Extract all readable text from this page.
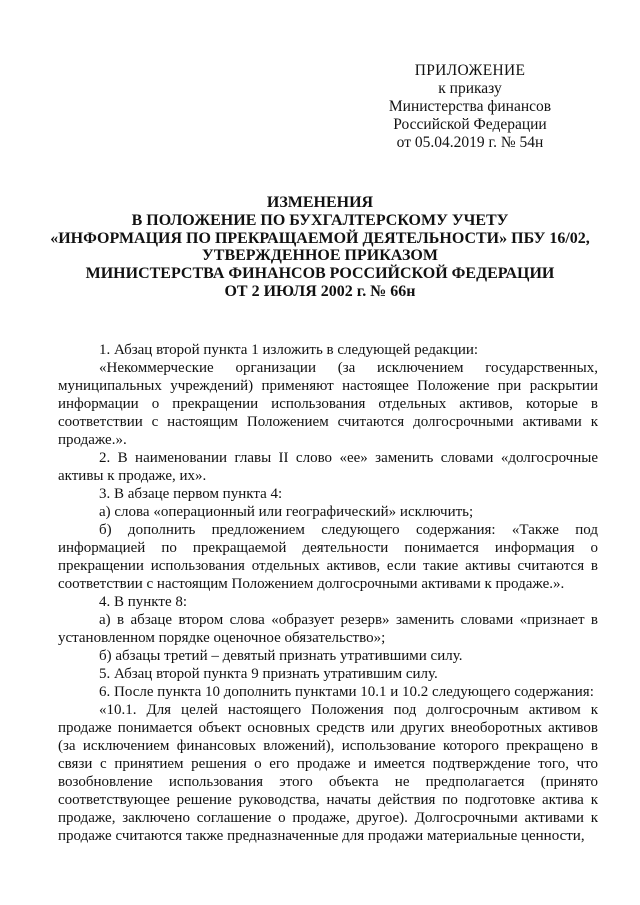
ПРИЛОЖЕНИЕ
к приказу
Министерства финансов
Российской Федерации
от 05.04.2019 г. № 54н
ИЗМЕНЕНИЯ
В ПОЛОЖЕНИЕ ПО БУХГАЛТЕРСКОМУ УЧЕТУ
«ИНФОРМАЦИЯ ПО ПРЕКРАЩАЕМОЙ ДЕЯТЕЛЬНОСТИ» ПБУ 16/02,
УТВЕРЖДЕННОЕ ПРИКАЗОМ
МИНИСТЕРСТВА ФИНАНСОВ РОССИЙСКОЙ ФЕДЕРАЦИИ
ОТ 2 ИЮЛЯ 2002 г. № 66н

1. Абзац второй пункта 1 изложить в следующей редакции:

«Некоммерческие организации (за исключением государственных, муниципальных учреждений) применяют настоящее Положение при раскрытии информации о прекращении использования отдельных активов, которые в соответствии с настоящим Положением считаются долгосрочными активами к продаже.».

2. В наименовании главы II слово «ее» заменить словами «долгосрочные активы к продаже, их».

3. В абзаце первом пункта 4:

а) слова «операционный или географический» исключить;

б) дополнить предложением следующего содержания: «Также под информацией по прекращаемой деятельности понимается информация о прекращении использования отдельных активов, если такие активы считаются в соответствии с настоящим Положением долгосрочными активами к продаже.».

4. В пункте 8:

а) в абзаце втором слова «образует резерв» заменить словами «признает в установленном порядке оценочное обязательство»;

б) абзацы третий – девятый признать утратившими силу.

5. Абзац второй пункта 9 признать утратившим силу.

6. После пункта 10 дополнить пунктами 10.1 и 10.2 следующего содержания:

«10.1. Для целей настоящего Положения под долгосрочным активом к продаже понимается объект основных средств или других внеоборотных активов (за исключением финансовых вложений), использование которого прекращено в связи с принятием решения о его продаже и имеется подтверждение того, что возобновление использования этого объекта не предполагается (принято соответствующее решение руководства, начаты действия по подготовке актива к продаже, заключено соглашение о продаже, другое). Долгосрочными активами к продаже считаются также предназначенные для продажи материальные ценности,
